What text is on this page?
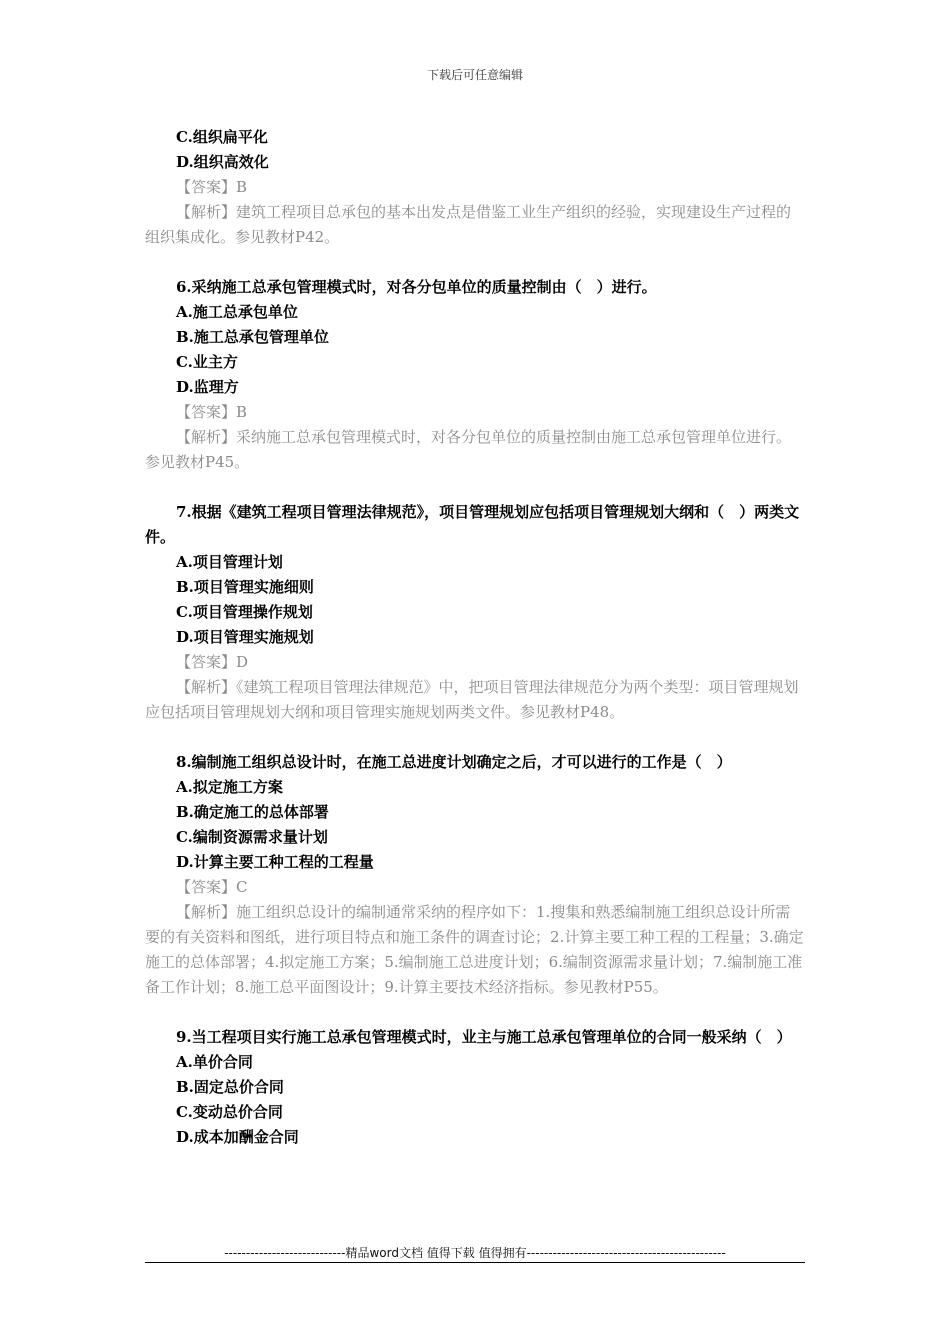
下载后可任意编辑
C.组织扁平化
D.组织高效化
【答案】B
【解析】建筑工程项目总承包的基本出发点是借鉴工业生产组织的经验，实现建设生产过程的组织集成化。参见教材P42。
6.采纳施工总承包管理模式时，对各分包单位的质量控制由（　）进行。
A.施工总承包单位
B.施工总承包管理单位
C.业主方
D.监理方
【答案】B
【解析】采纳施工总承包管理模式时，对各分包单位的质量控制由施工总承包管理单位进行。参见教材P45。
7.根据《建筑工程项目管理法律规范》，项目管理规划应包括项目管理规划大纲和（　）两类文件。
A.项目管理计划
B.项目管理实施细则
C.项目管理操作规划
D.项目管理实施规划
【答案】D
【解析】《建筑工程项目管理法律规范》中，把项目管理法律规范分为两个类型：项目管理规划应包括项目管理规划大纲和项目管理实施规划两类文件。参见教材P48。
8.编制施工组织总设计时，在施工总进度计划确定之后，才可以进行的工作是（　）
A.拟定施工方案
B.确定施工的总体部署
C.编制资源需求量计划
D.计算主要工种工程的工程量
【答案】C
【解析】施工组织总设计的编制通常采纳的程序如下：1.搜集和熟悉编制施工组织总设计所需要的有关资料和图纸，进行项目特点和施工条件的调查讨论；2.计算主要工种工程的工程量；3.确定施工的总体部署；4.拟定施工方案；5.编制施工总进度计划；6.编制资源需求量计划；7.编制施工准备工作计划；8.施工总平面图设计；9.计算主要技术经济指标。参见教材P55。
9.当工程项目实行施工总承包管理模式时，业主与施工总承包管理单位的合同一般采纳（　）
A.单价合同
B.固定总价合同
C.变动总价合同
D.成本加酬金合同
----------------------------精品word文档 值得下载 值得拥有----------------------------------------------
